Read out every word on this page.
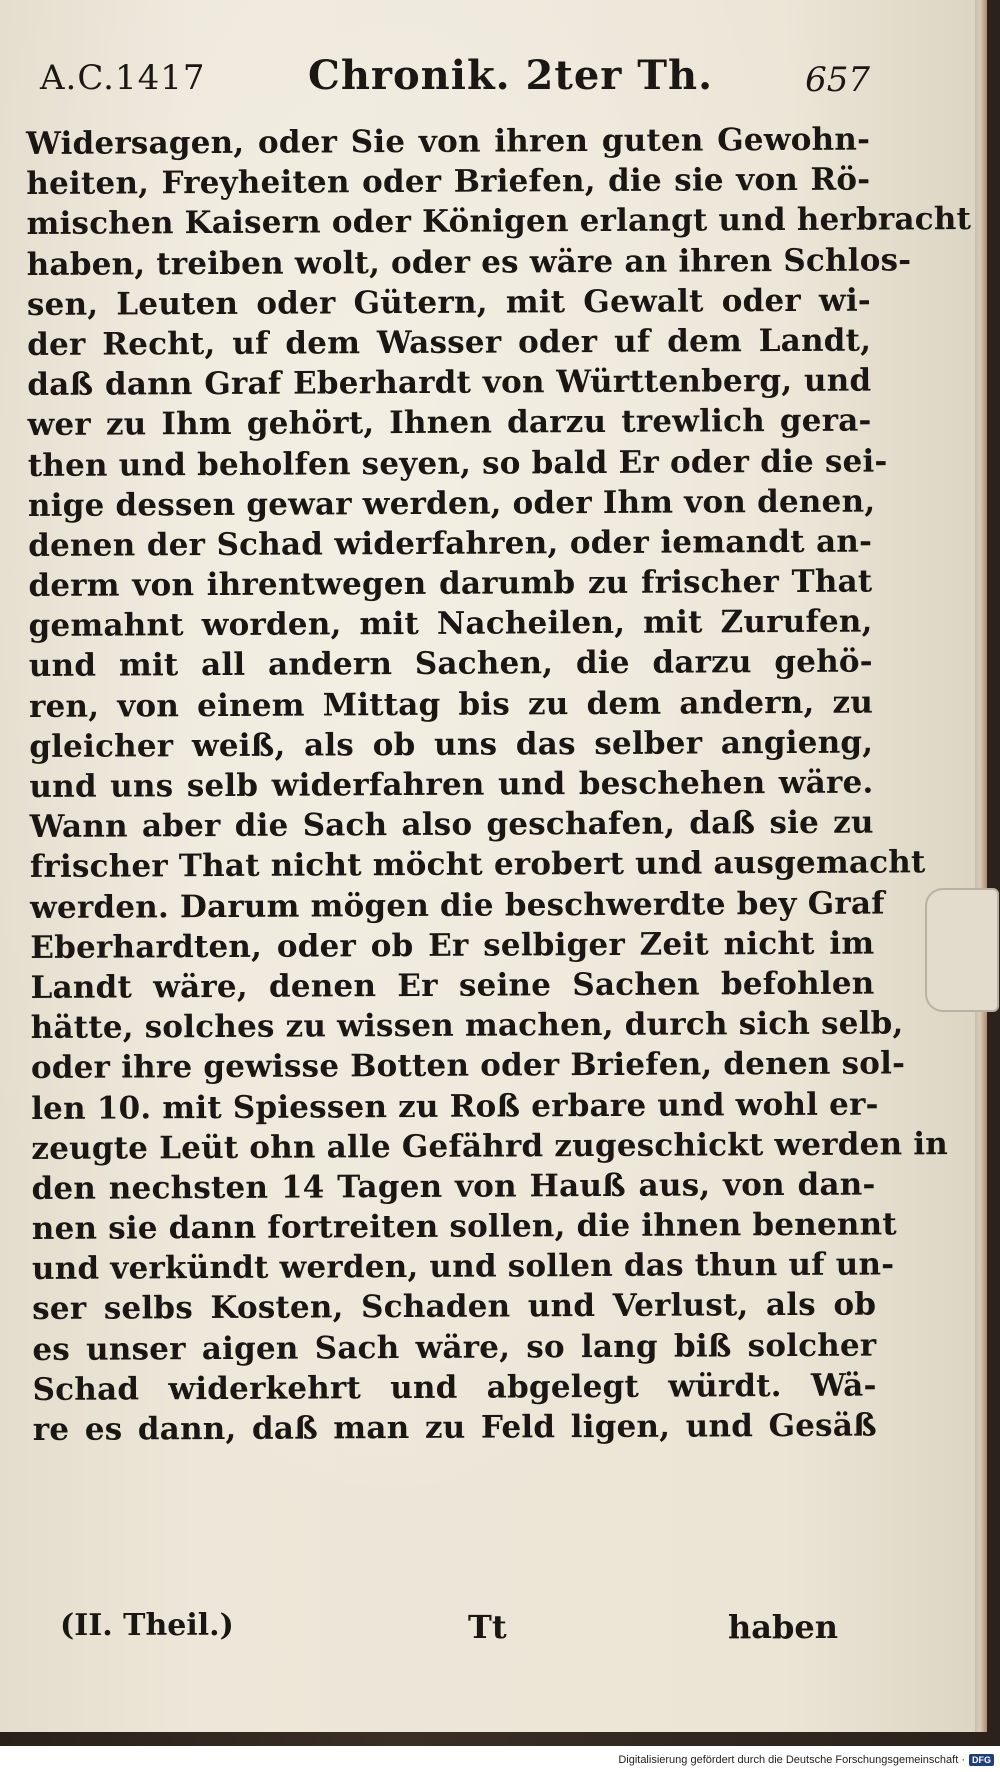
A.C.1417	Chronik. 2ter Th.	657
Widersagen, oder Sie von ihren guten Gewohn-
heiten, Freyheiten oder Briefen, die sie von Rö-
mischen Kaisern oder Königen erlangt und herbracht
haben, treiben wolt, oder es wäre an ihren Schlos-
sen, Leuten oder Gütern, mit Gewalt oder wi-
der Recht, uf dem Wasser oder uf dem Landt,
daß dann Graf Eberhardt von Württenberg, und
wer zu Ihm gehört, Ihnen darzu trewlich gera-
then und beholfen seyen, so bald Er oder die sei-
nige dessen gewar werden, oder Ihm von denen,
denen der Schad widerfahren, oder iemandt an-
derm von ihrentwegen darumb zu frischer That
gemahnt worden, mit Nacheilen, mit Zurufen,
und mit all andern Sachen, die darzu gehö-
ren, von einem Mittag bis zu dem andern, zu
gleicher weiß, als ob uns das selber angieng,
und uns selb widerfahren und beschehen wäre.
Wann aber die Sach also geschafen, daß sie zu
frischer That nicht möcht erobert und ausgemacht
werden. Darum mögen die beschwerdte bey Graf
Eberhardten, oder ob Er selbiger Zeit nicht im
Landt wäre, denen Er seine Sachen befohlen
hätte, solches zu wissen machen, durch sich selb,
oder ihre gewisse Botten oder Briefen, denen sol-
len 10. mit Spiessen zu Roß erbare und wohl er-
zeugte Leüt ohn alle Gefährd zugeschickt werden in
den nechsten 14 Tagen von Hauß aus, von dan-
nen sie dann fortreiten sollen, die ihnen benennt
und verkündt werden, und sollen das thun uf un-
ser selbs Kosten, Schaden und Verlust, als ob
es unser aigen Sach wäre, so lang biß solcher
Schad widerkehrt und abgelegt würdt. Wä-
re es dann, daß man zu Feld ligen, und Gesäß
(II. Theil.)	Tt	haben
Digitalisierung gefördert durch die Deutsche Forschungsgemeinschaft · DFG
